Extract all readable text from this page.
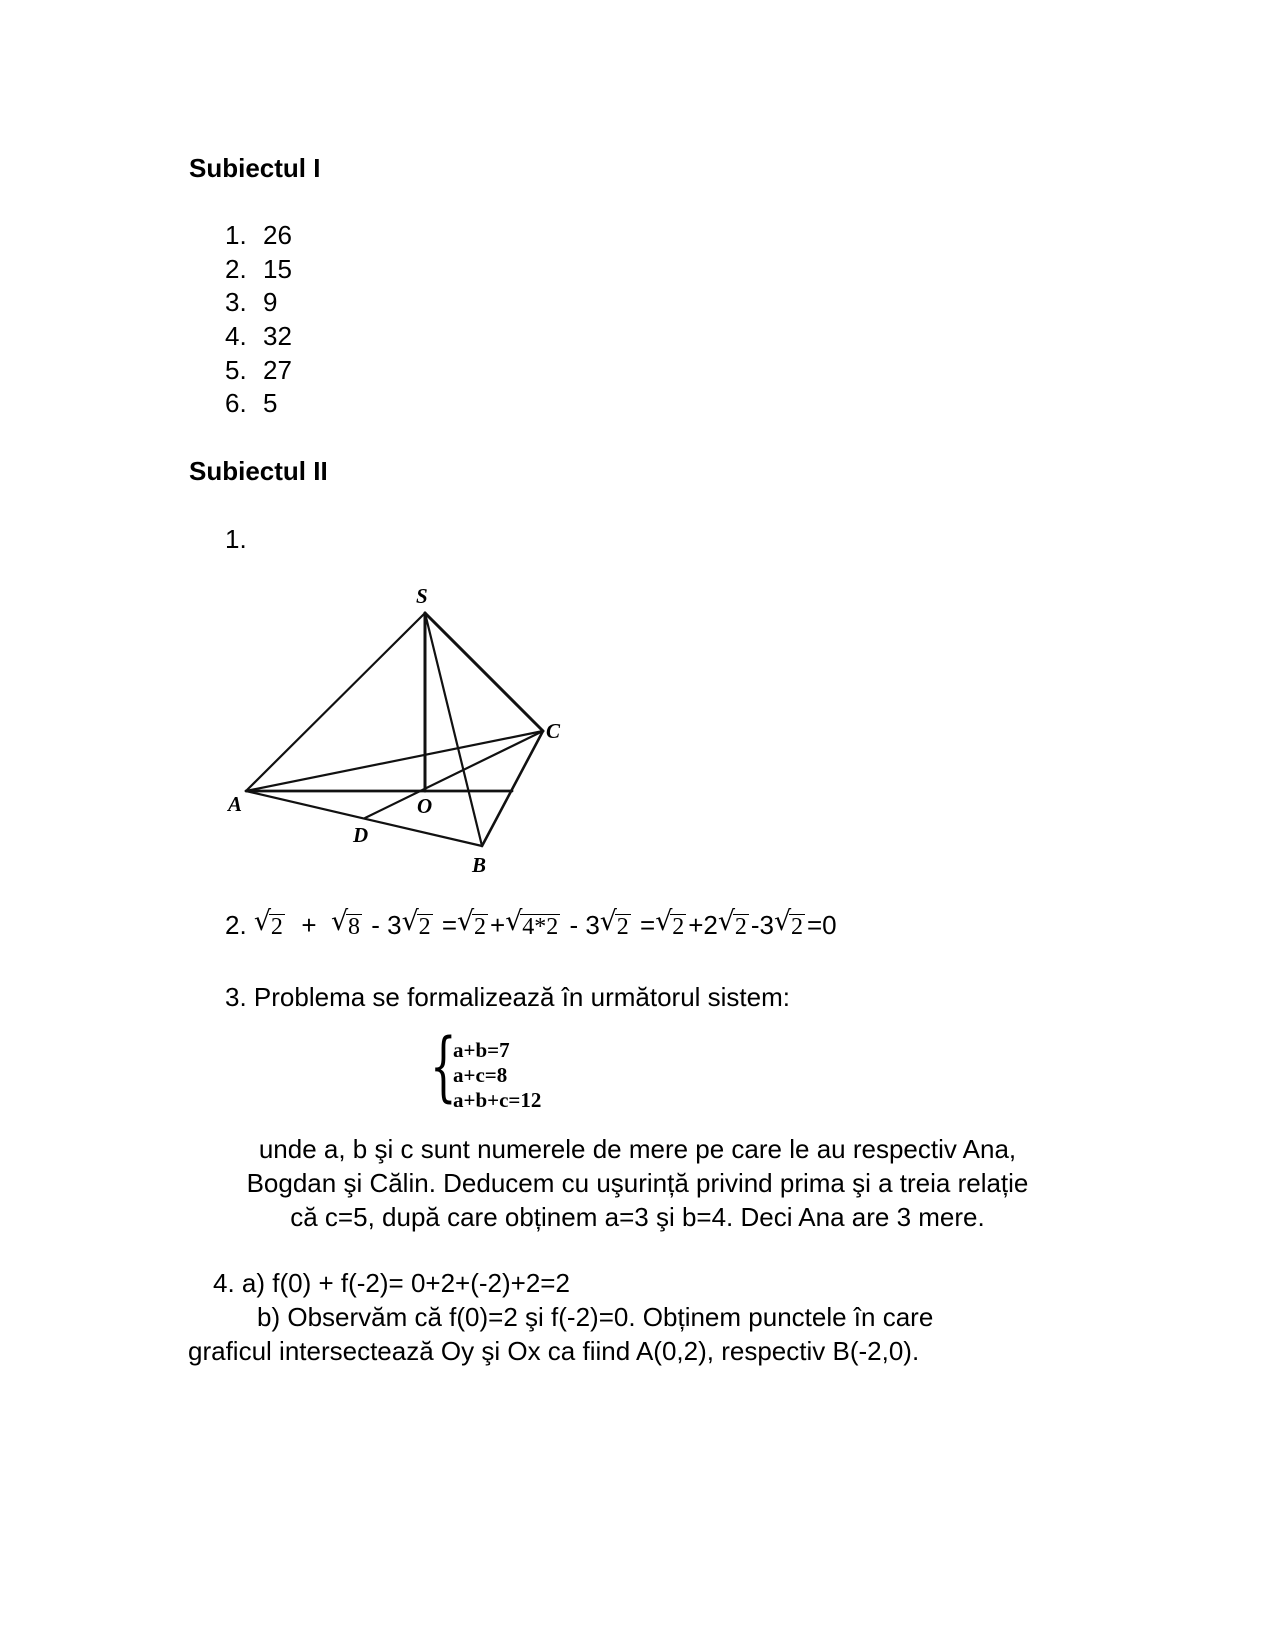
Subiectul I
1. 26
2. 15
3. 9
4. 32
5. 27
6. 5
Subiectul II
1.
S
A
C
O
D
B
2. √ 2 + √ 8 - 3 √ 2 = √ 2 + √ 4*2 - 3 √ 2 = √ 2 +2 √ 2 -3 √ 2 =0
3. Problema se formalizează în următorul sistem:
{
a+b=7
a+c=8
a+b+c=12
unde a, b şi c sunt numerele de mere pe care le au respectiv Ana,
Bogdan şi Călin. Deducem cu uşurință privind prima şi a treia relație
că c=5, după care obținem a=3 şi b=4. Deci Ana are 3 mere.
4. a) f(0) + f(-2)= 0+2+(-2)+2=2
b) Observăm că f(0)=2 şi f(-2)=0. Obținem punctele în care
graficul intersectează Oy şi Ox ca fiind A(0,2), respectiv B(-2,0).
